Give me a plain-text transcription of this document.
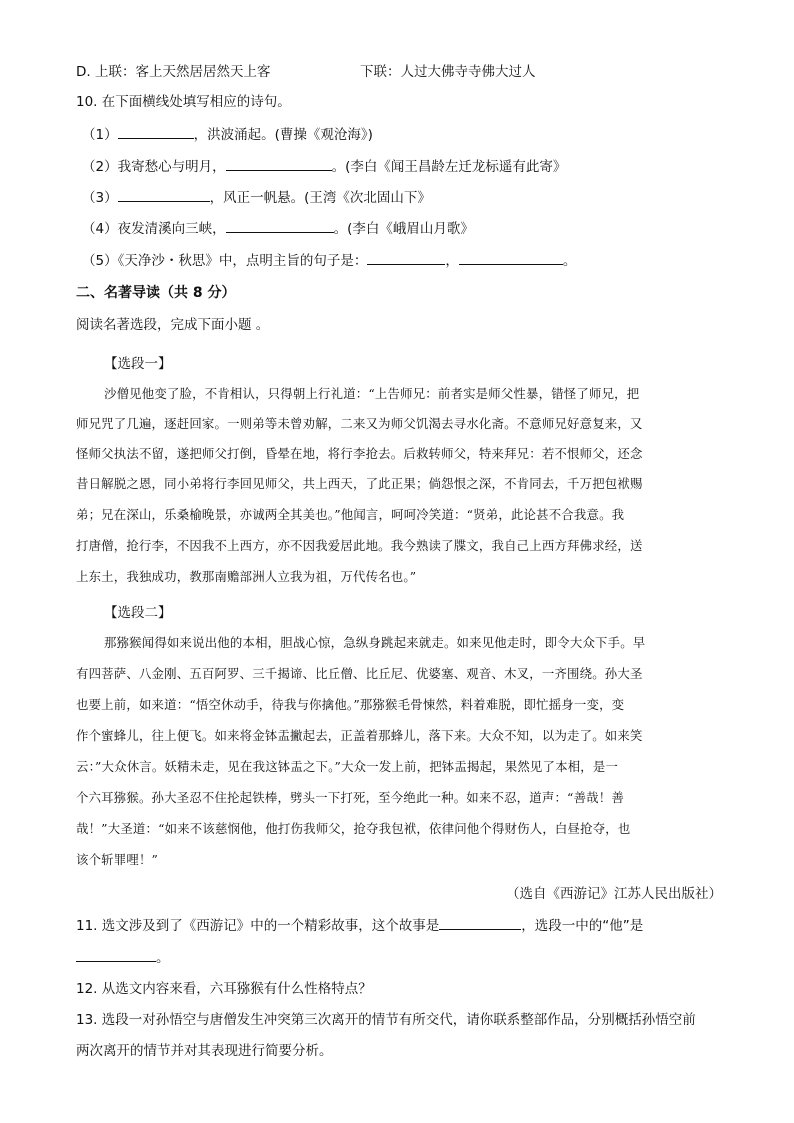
D. 上联：客上天然居居然天上客	下联：人过大佛寺寺佛大过人
10. 在下面横线处填写相应的诗句。
（1）	，洪波涌起。(曹操《观沧海》)
（2）我寄愁心与明月，	。(李白《闻王昌龄左迁龙标遥有此寄》
（3）	，风正一帆悬。(王湾《次北固山下》
（4）夜发清溪向三峡，	。(李白《峨眉山月歌》
（5）《天净沙・秋思》中，点明主旨的句子是：	，	。
二、名著导读（共 8 分）
阅读名著选段，完成下面小题 。
【选段一】
沙僧见他变了脸，不肯相认，只得朝上行礼道：“上告师兄：前者实是师父性暴，错怪了师兄，把
师兄咒了几遍，逐赶回家。一则弟等未曾劝解，二来又为师父饥渴去寻水化斋。不意师兄好意复来，又
怪师父执法不留，遂把师父打倒，昏晕在地，将行李抢去。后救转师父，特来拜兄：若不恨师父，还念
昔日解脱之恩，同小弟将行李回见师父，共上西天，了此正果；倘怨恨之深，不肯同去，千万把包袱赐
弟；兄在深山，乐桑榆晚景，亦诚两全其美也。”他闻言，呵呵冷笑道：“贤弟，此论甚不合我意。我
打唐僧，抢行李，不因我不上西方，亦不因我爱居此地。我今熟读了牒文，我自己上西方拜佛求经，送
上东土，我独成功，教那南赡部洲人立我为祖，万代传名也。”
【选段二】
那猕猴闻得如来说出他的本相，胆战心惊，急纵身跳起来就走。如来见他走时，即令大众下手。早
有四菩萨、八金刚、五百阿罗、三千揭谛、比丘僧、比丘尼、优婆塞、观音、木叉，一齐围绕。孙大圣
也要上前，如来道：“悟空休动手，待我与你擒他。”那猕猴毛骨悚然，料着难脱，即忙摇身一变，变
作个蜜蜂儿，往上便飞。如来将金钵盂撇起去，正盖着那蜂儿，落下来。大众不知，以为走了。如来笑
云：”大众休言。妖精未走，见在我这钵盂之下。”大众一发上前，把钵盂揭起，果然见了本相，是一
个六耳猕猴。孙大圣忍不住抡起铁棒，劈头一下打死，至今绝此一种。如来不忍，道声：“善哉！善
哉！”大圣道：“如来不该慈悯他，他打伤我师父，抢夺我包袱，依律问他个得财伤人，白昼抢夺，也
该个斩罪哩！”
（选自《西游记》江苏人民出版社）
11. 选文涉及到了《西游记》中的一个精彩故事，这个故事是	，选段一中的“他”是
。
12. 从选文内容来看，六耳猕猴有什么性格特点？
13. 选段一对孙悟空与唐僧发生冲突第三次离开的情节有所交代，请你联系整部作品，分别概括孙悟空前
两次离开的情节并对其表现进行简要分析。
